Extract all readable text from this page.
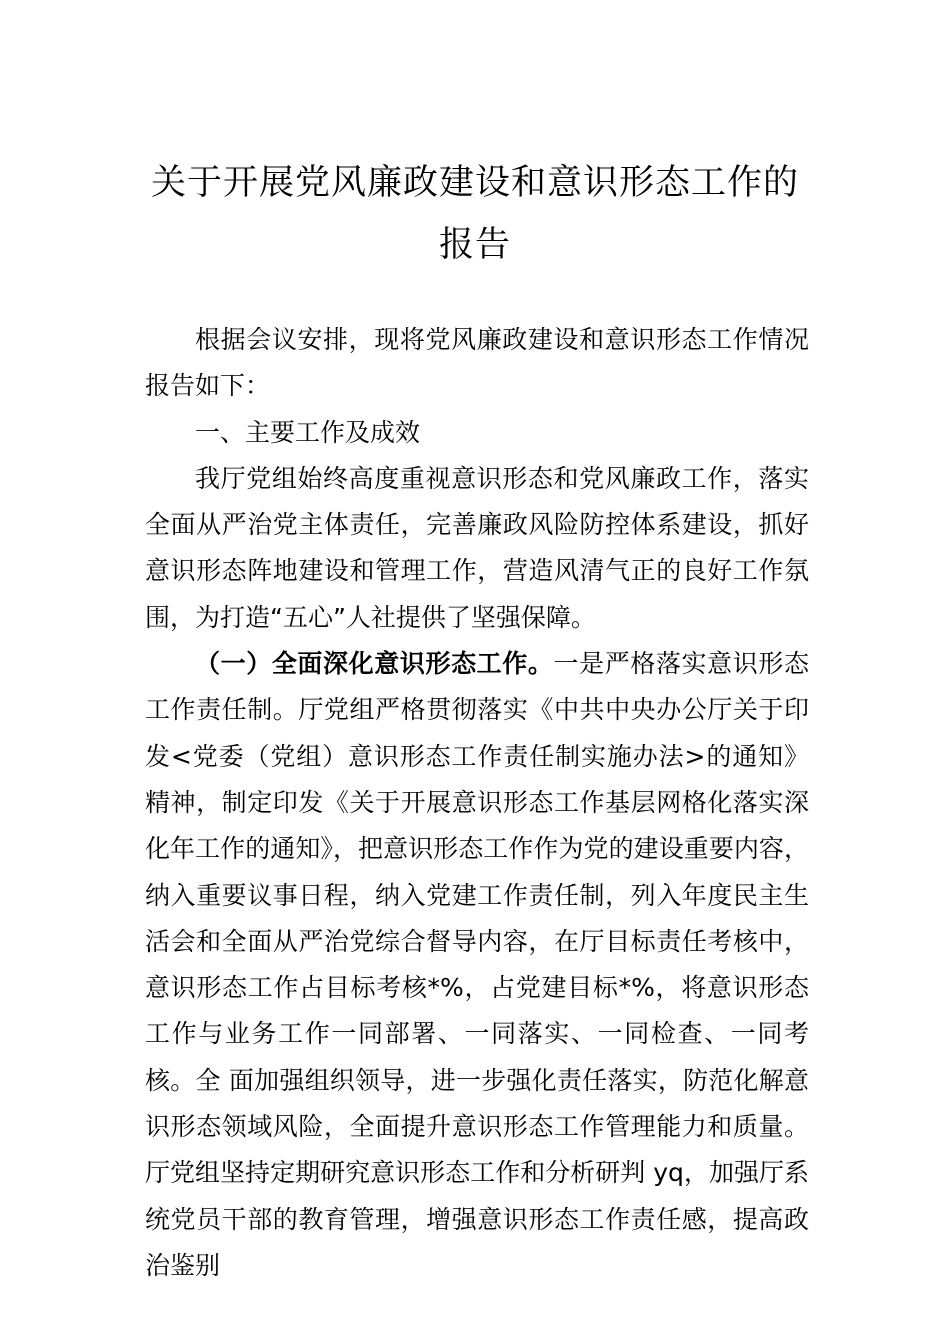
关于开展党风廉政建设和意识形态工作的
报告

根据会议安排，现将党风廉政建设和意识形态工作情况报告如下：

一、主要工作及成效

我厅党组始终高度重视意识形态和党风廉政工作，落实全面从严治党主体责任，完善廉政风险防控体系建设，抓好意识形态阵地建设和管理工作，营造风清气正的良好工作氛围，为打造“五心”人社提供了坚强保障。

（一）全面深化意识形态工作。一是严格落实意识形态工作责任制。厅党组严格贯彻落实《中共中央办公厅关于印发<党委（党组）意识形态工作责任制实施办法>的通知》精神，制定印发《关于开展意识形态工作基层网格化落实深化年工作的通知》，把意识形态工作作为党的建设重要内容，纳入重要议事日程，纳入党建工作责任制，列入年度民主生活会和全面从严治党综合督导内容，在厅目标责任考核中，意识形态工作占目标考核*%，占党建目标*%，将意识形态工作与业务工作一同部署、一同落实、一同检查、一同考核。全 面加强组织领导，进一步强化责任落实，防范化解意识形态领域风险，全面提升意识形态工作管理能力和质量。厅党组坚持定期研究意识形态工作和分析研判 yq，加强厅系统党员干部的教育管理，增强意识形态工作责任感，提高政治鉴别
